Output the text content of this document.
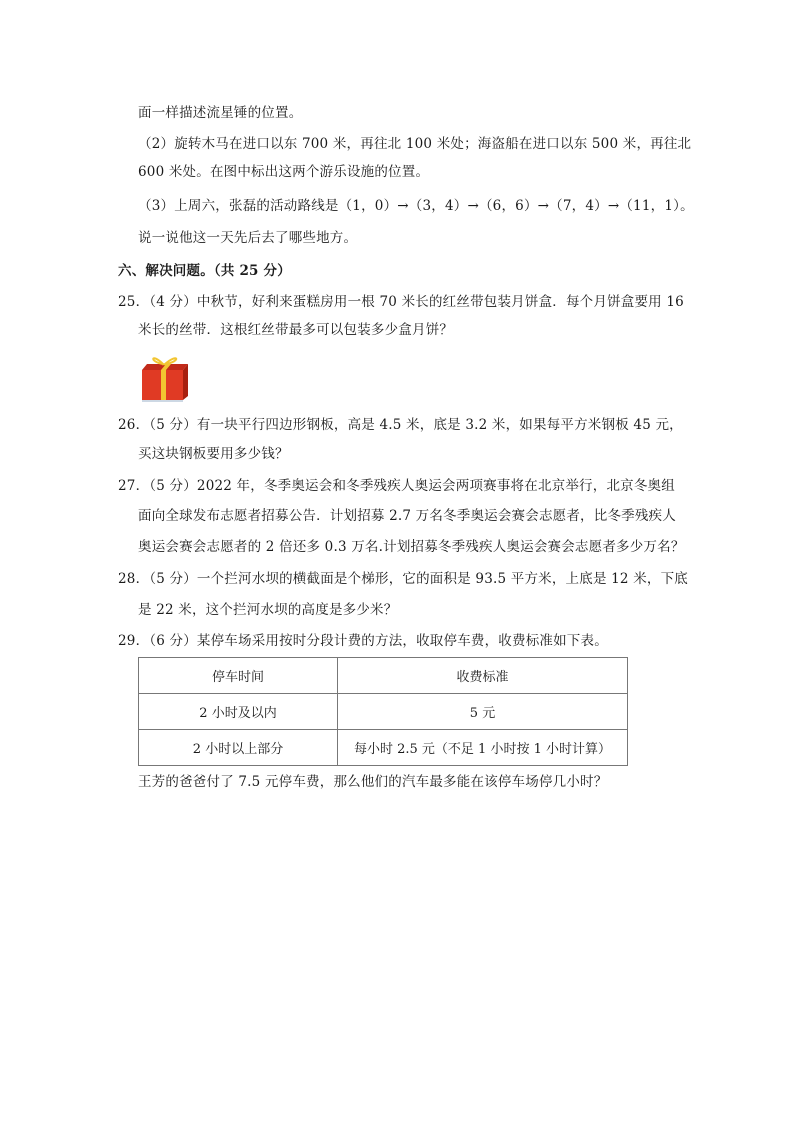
面一样描述流星锤的位置。
（2）旋转木马在进口以东 700 米，再往北 100 米处；海盗船在进口以东 500 米，再往北
600 米处。在图中标出这两个游乐设施的位置。
（3）上周六，张磊的活动路线是（1，0）→（3，4）→（6，6）→（7，4）→（11，1）。
说一说他这一天先后去了哪些地方。
六、解决问题。（共 25 分）
25．（4 分）中秋节，好利来蛋糕房用一根 70 米长的红丝带包装月饼盒．每个月饼盒要用 16
米长的丝带．这根红丝带最多可以包装多少盒月饼？
26．（5 分）有一块平行四边形钢板，高是 4.5 米，底是 3.2 米，如果每平方米钢板 45 元，
买这块钢板要用多少钱？
27．（5 分）2022 年，冬季奥运会和冬季残疾人奥运会两项赛事将在北京举行，北京冬奥组
面向全球发布志愿者招募公告．计划招募 2.7 万名冬季奥运会赛会志愿者，比冬季残疾人
奥运会赛会志愿者的 2 倍还多 0.3 万名.计划招募冬季残疾人奥运会赛会志愿者多少万名？
28．（5 分）一个拦河水坝的横截面是个梯形，它的面积是 93.5 平方米，上底是 12 米，下底
是 22 米，这个拦河水坝的高度是多少米？
29．（6 分）某停车场采用按时分段计费的方法，收取停车费，收费标准如下表。
停车时间	收费标准
2 小时及以内	5 元
2 小时以上部分	每小时 2.5 元（不足 1 小时按 1 小时计算）
王芳的爸爸付了 7.5 元停车费，那么他们的汽车最多能在该停车场停几小时？
